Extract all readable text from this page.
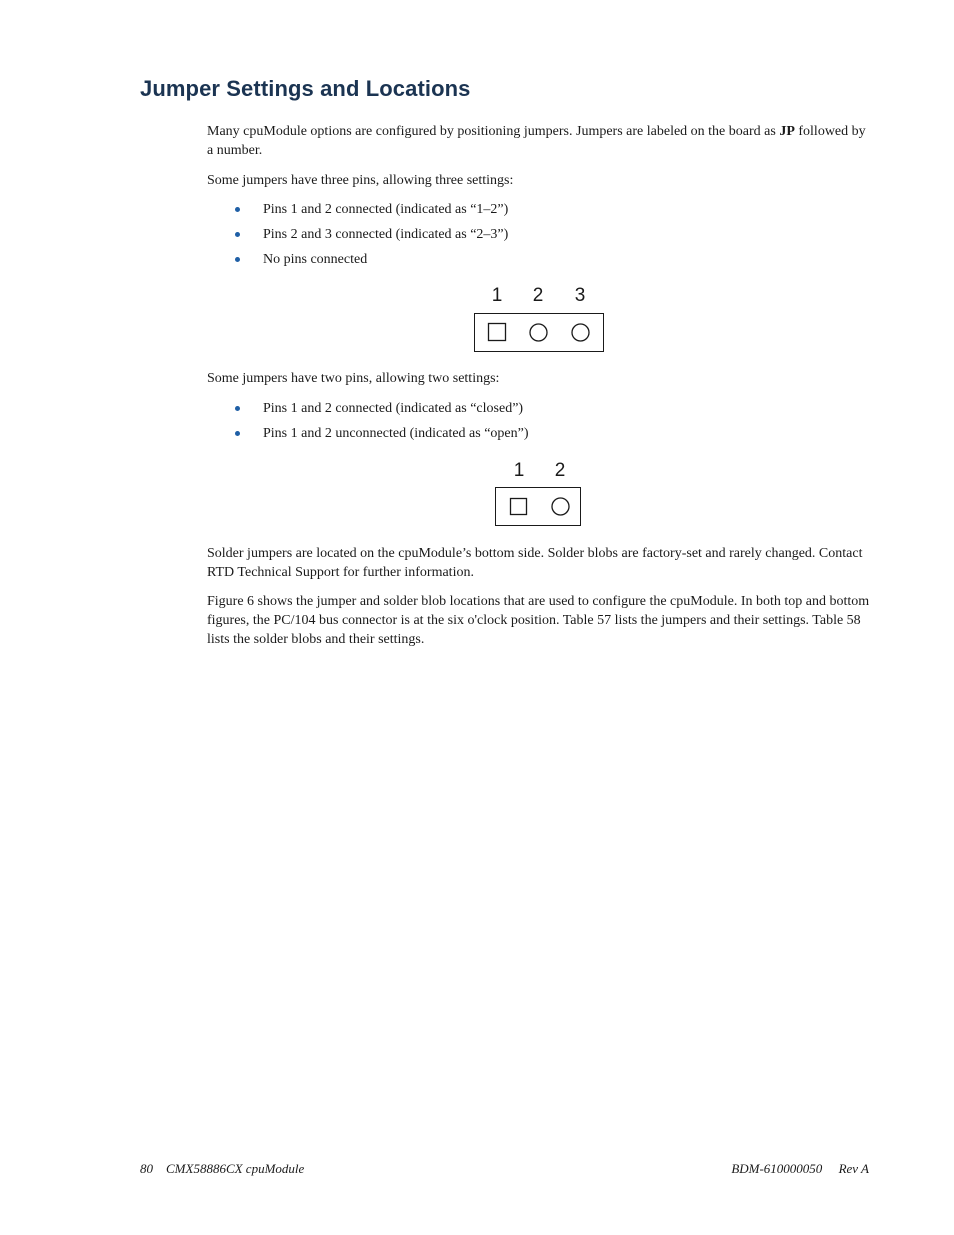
Jumper Settings and Locations

Many cpuModule options are configured by positioning jumpers. Jumpers are labeled on the board as JP followed by a number.

Some jumpers have three pins, allowing three settings:

Pins 1 and 2 connected (indicated as “1–2”)
Pins 2 and 3 connected (indicated as “2–3”)
No pins connected
1 2 3

Some jumpers have two pins, allowing two settings:

Pins 1 and 2 connected (indicated as “closed”)
Pins 1 and 2 unconnected (indicated as “open”)
1 2

Solder jumpers are located on the cpuModule’s bottom side. Solder blobs are factory-set and rarely changed. Contact RTD Technical Support for further information.

Figure 6 shows the jumper and solder blob locations that are used to configure the cpuModule. In both top and bottom figures, the PC/104 bus connector is at the six o'clock position. Table 57 lists the jumpers and their settings. Table 58 lists the solder blobs and their settings.

80 CMX58886CX cpuModule	BDM-610000050 Rev A
